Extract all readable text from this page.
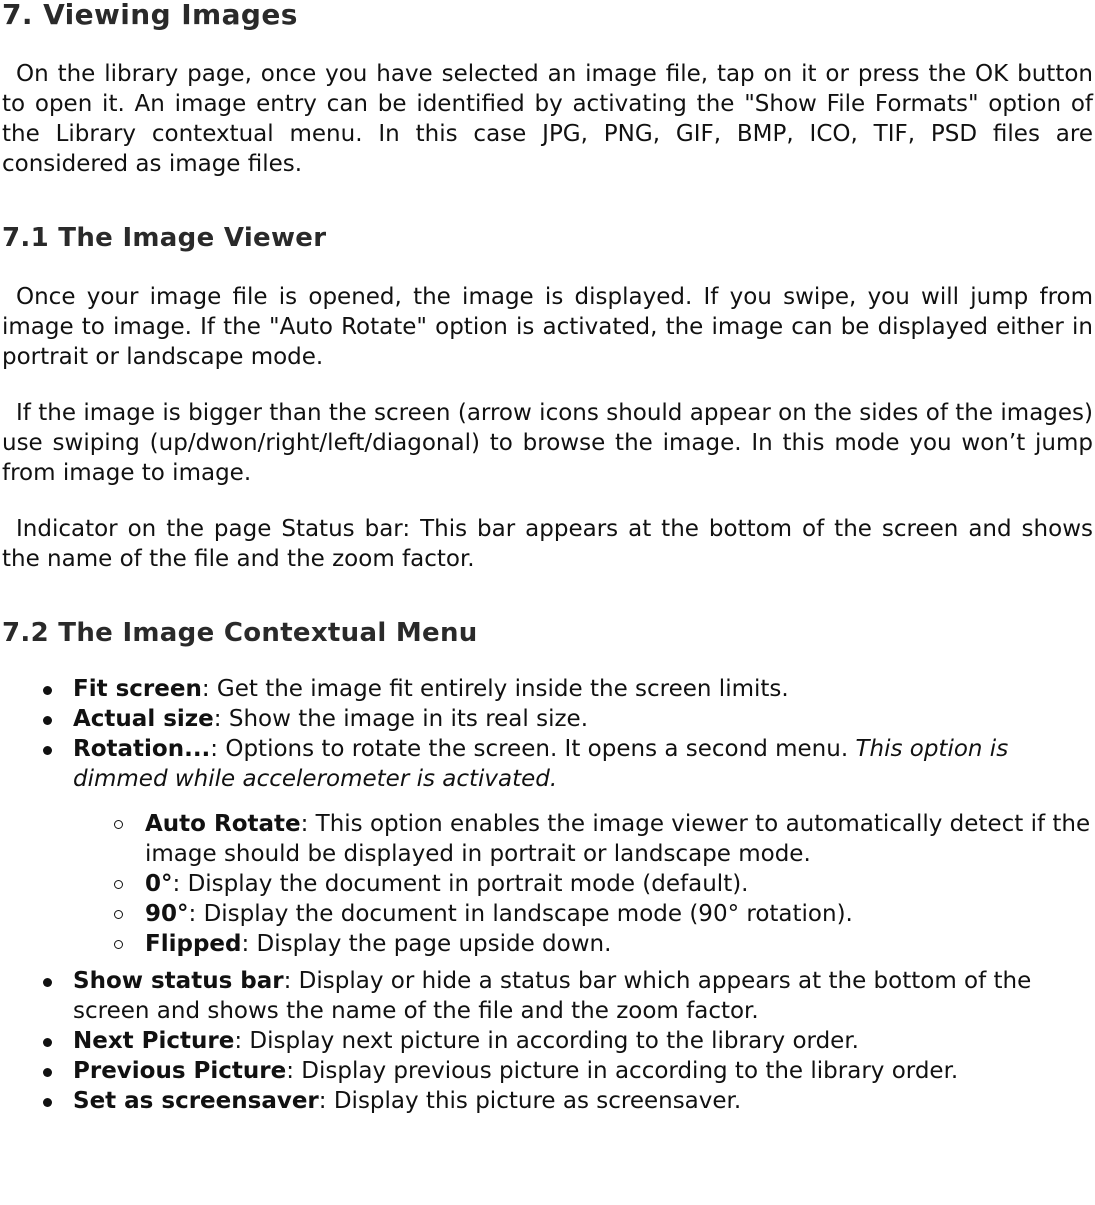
7. Viewing Images

On the library page, once you have selected an image file, tap on it or press the OK button to open it. An image entry can be identified by activating the "Show File Formats" option of the Library contextual menu. In this case JPG, PNG, GIF, BMP, ICO, TIF, PSD files are considered as image files.

7.1 The Image Viewer

Once your image file is opened, the image is displayed. If you swipe, you will jump from image to image. If the "Auto Rotate" option is activated, the image can be displayed either in portrait or landscape mode.

If the image is bigger than the screen (arrow icons should appear on the sides of the images) use swiping (up/dwon/right/left/diagonal) to browse the image. In this mode you won’t jump from image to image.

Indicator on the page Status bar: This bar appears at the bottom of the screen and shows the name of the file and the zoom factor.

7.2 The Image Contextual Menu
Fit screen: Get the image fit entirely inside the screen limits.
Actual size: Show the image in its real size.
Rotation...: Options to rotate the screen. It opens a second menu. This option is dimmed while accelerometer is activated.
Auto Rotate: This option enables the image viewer to automatically detect if the image should be displayed in portrait or landscape mode.
0°: Display the document in portrait mode (default).
90°: Display the document in landscape mode (90° rotation).
Flipped: Display the page upside down.
Show status bar: Display or hide a status bar which appears at the bottom of the screen and shows the name of the file and the zoom factor.
Next Picture: Display next picture in according to the library order.
Previous Picture: Display previous picture in according to the library order.
Set as screensaver: Display this picture as screensaver.
